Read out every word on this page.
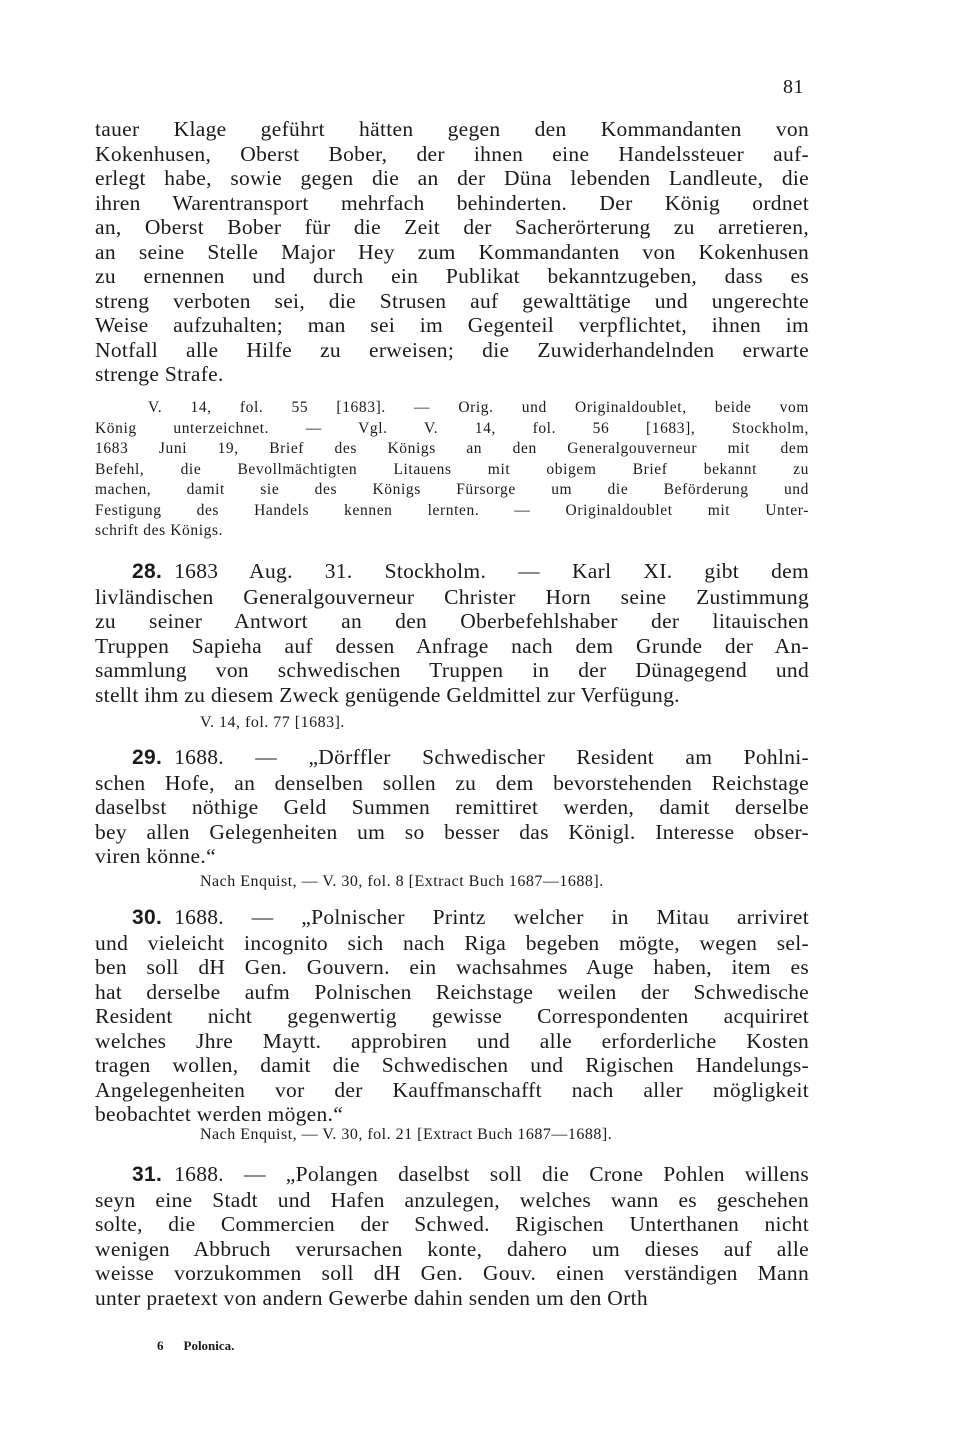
81

tauer Klage geführt hätten gegen den Kommandanten von
Kokenhusen, Oberst Bober, der ihnen eine Handelssteuer auf-
erlegt habe, sowie gegen die an der Düna lebenden Landleute, die
ihren Warentransport mehrfach behinderten. Der König ordnet
an, Oberst Bober für die Zeit der Sacherörterung zu arretieren,
an seine Stelle Major Hey zum Kommandanten von Kokenhusen
zu ernennen und durch ein Publikat bekanntzugeben, dass es
streng verboten sei, die Strusen auf gewalttätige und ungerechte
Weise aufzuhalten; man sei im Gegenteil verpflichtet, ihnen im
Notfall alle Hilfe zu erweisen; die Zuwiderhandelnden erwarte
strenge Strafe.

V. 14, fol. 55 [1683]. — Orig. und Originaldoublet, beide vom
König unterzeichnet. — Vgl. V. 14, fol. 56 [1683], Stockholm,
1683 Juni 19, Brief des Königs an den Generalgouverneur mit dem
Befehl, die Bevollmächtigten Litauens mit obigem Brief bekannt zu
machen, damit sie des Königs Fürsorge um die Beförderung und
Festigung des Handels kennen lernten. — Originaldoublet mit Unter-
schrift des Königs.

28. 1683 Aug. 31. Stockholm. — Karl XI. gibt dem
livländischen Generalgouverneur Christer Horn seine Zustimmung
zu seiner Antwort an den Oberbefehlshaber der litauischen
Truppen Sapieha auf dessen Anfrage nach dem Grunde der An-
sammlung von schwedischen Truppen in der Dünagegend und
stellt ihm zu diesem Zweck genügende Geldmittel zur Verfügung.

V. 14, fol. 77 [1683].

29. 1688. — „Dörffler Schwedischer Resident am Pohlni-
schen Hofe, an denselben sollen zu dem bevorstehenden Reichstage
daselbst nöthige Geld Summen remittiret werden, damit derselbe
bey allen Gelegenheiten um so besser das Königl. Interesse obser-
viren könne.“

Nach Enquist, — V. 30, fol. 8 [Extract Buch 1687—1688].

30. 1688. — „Polnischer Printz welcher in Mitau arriviret
und vieleicht incognito sich nach Riga begeben mögte, wegen sel-
ben soll dH Gen. Gouvern. ein wachsahmes Auge haben, item es
hat derselbe aufm Polnischen Reichstage weilen der Schwedische
Resident nicht gegenwertig gewisse Correspondenten acquiriret
welches Jhre Maytt. approbiren und alle erforderliche Kosten
tragen wollen, damit die Schwedischen und Rigischen Handelungs-
Angelegenheiten vor der Kauffmanschafft nach aller mögligkeit
beobachtet werden mögen.“

Nach Enquist, — V. 30, fol. 21 [Extract Buch 1687—1688].

31. 1688. — „Polangen daselbst soll die Crone Pohlen willens
seyn eine Stadt und Hafen anzulegen, welches wann es geschehen
solte, die Commercien der Schwed. Rigischen Unterthanen nicht
wenigen Abbruch verursachen konte, dahero um dieses auf alle
weisse vorzukommen soll dH Gen. Gouv. einen verständigen Mann
unter praetext von andern Gewerbe dahin senden um den Orth

6 Polonica.
